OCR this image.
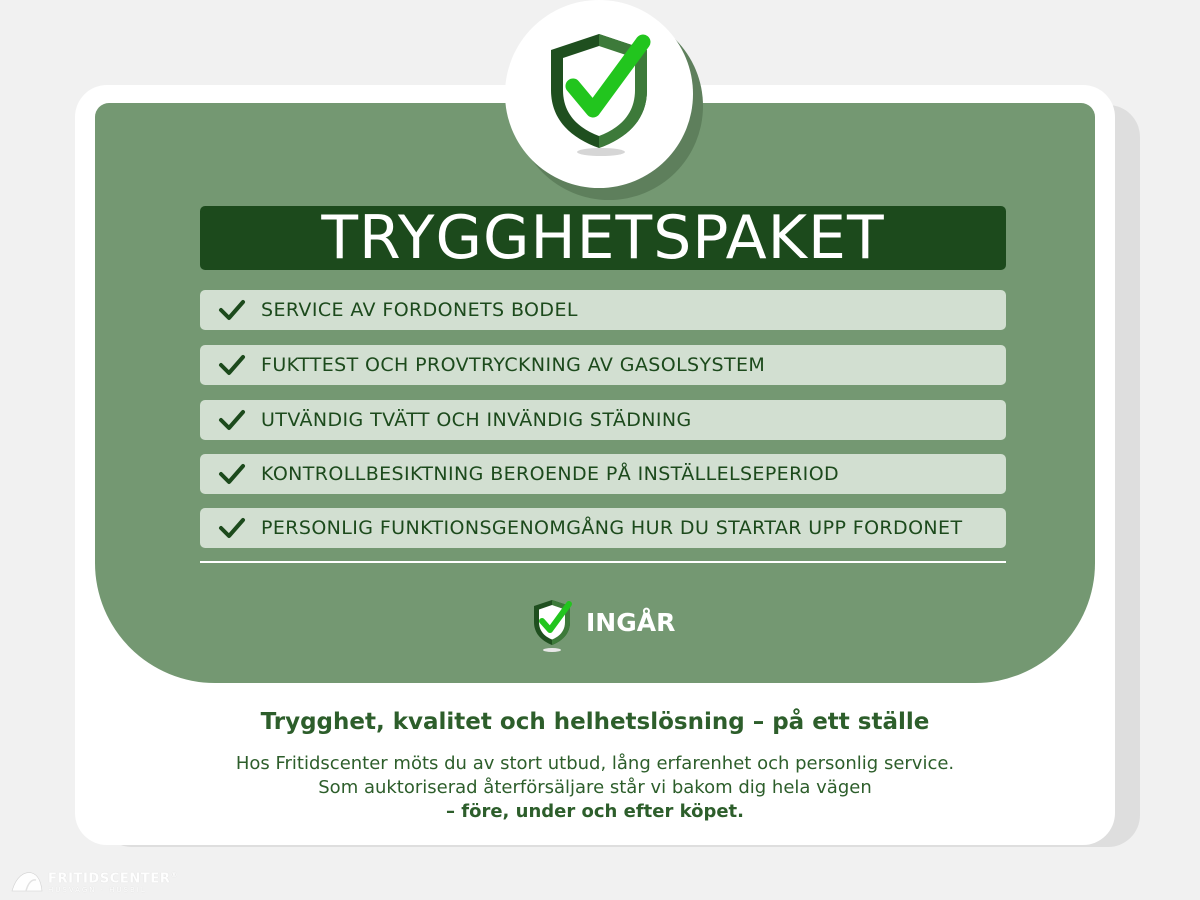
TRYGGHETSPAKET
SERVICE AV FORDONETS BODEL
FUKTTEST OCH PROVTRYCKNING AV GASOLSYSTEM
UTVÄNDIG TVÄTT OCH INVÄNDIG STÄDNING
KONTROLLBESIKTNING BEROENDE PÅ INSTÄLLELSEPERIOD
PERSONLIG FUNKTIONSGENOMGÅNG HUR DU STARTAR UPP FORDONET
INGÅR
Trygghet, kvalitet och helhetslösning – på ett ställe
Hos Fritidscenter möts du av stort utbud, lång erfarenhet och personlig service.
Som auktoriserad återförsäljare står vi bakom dig hela vägen
– före, under och efter köpet.
FRITIDSCENTER®
HUSVAGN · HUSBIL
